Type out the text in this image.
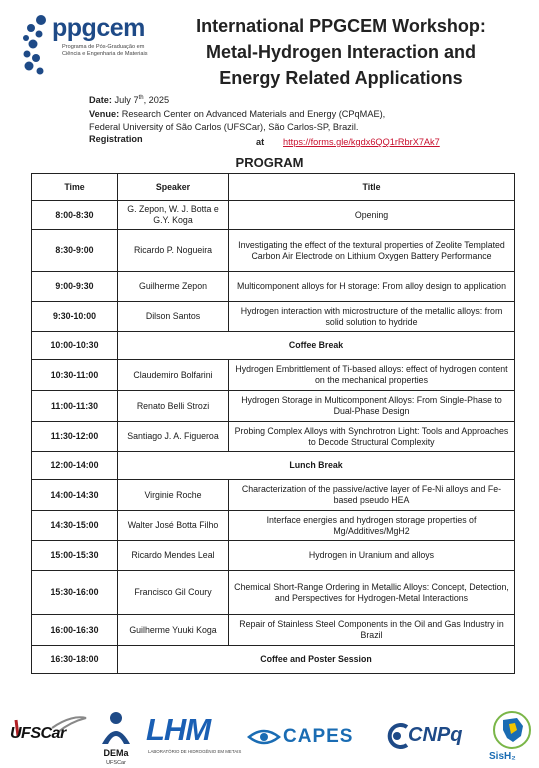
ppgcem
Programa de Pós-Graduação em
Ciência e Engenharia de Materiais
International PPGCEM Workshop:
Metal-Hydrogen Interaction and
Energy Related Applications
Date: July 7th, 2025
Venue: Research Center on Advanced Materials and Energy (CPqMAE),
Federal University of São Carlos (UFSCar), São Carlos-SP, Brazil.
Registration	at https://forms.gle/kgdx6QQ1rRbrX7Ak7
PROGRAM
Time	Speaker	Title
8:00-8:30	G. Zepon, W. J. Botta e G.Y. Koga	Opening
8:30-9:00	Ricardo P. Nogueira	Investigating the effect of the textural properties of Zeolite Templated Carbon Air Electrode on Lithium Oxygen Battery Performance
9:00-9:30	Guilherme Zepon	Multicomponent alloys for H storage: From alloy design to application
9:30-10:00	Dilson Santos	Hydrogen interaction with microstructure of the metallic alloys: from solid solution to hydride
10:00-10:30	Coffee Break	
10:30-11:00	Claudemiro Bolfarini	Hydrogen Embrittlement of Ti-based alloys: effect of hydrogen content on the mechanical properties
11:00-11:30	Renato Belli Strozi	Hydrogen Storage in Multicomponent Alloys: From Single-Phase to Dual-Phase Design
11:30-12:00	Santiago J. A. Figueroa	Probing Complex Alloys with Synchrotron Light: Tools and Approaches to Decode Structural Complexity
12:00-14:00	Lunch Break	
14:00-14:30	Virginie Roche	Characterization of the passive/active layer of Fe-Ni alloys and Fe-based pseudo HEA
14:30-15:00	Walter José Botta Filho	Interface energies and hydrogen storage properties of Mg/Additives/MgH2
15:00-15:30	Ricardo Mendes Leal	Hydrogen in Uranium and alloys
15:30-16:00	Francisco Gil Coury	Chemical Short-Range Ordering in Metallic Alloys: Concept, Detection, and Perspectives for Hydrogen-Metal Interactions
16:00-16:30	Guilherme Yuuki Koga	Repair of Stainless Steel Components in the Oil and Gas Industry in Brazil
16:30-18:00	Coffee and Poster Session	
UFSCar
DEMa
UFSCar
LHM
LABORATÓRIO DE HIDROGÊNIO EM METAIS
CAPES	CNPq
SisH₂
